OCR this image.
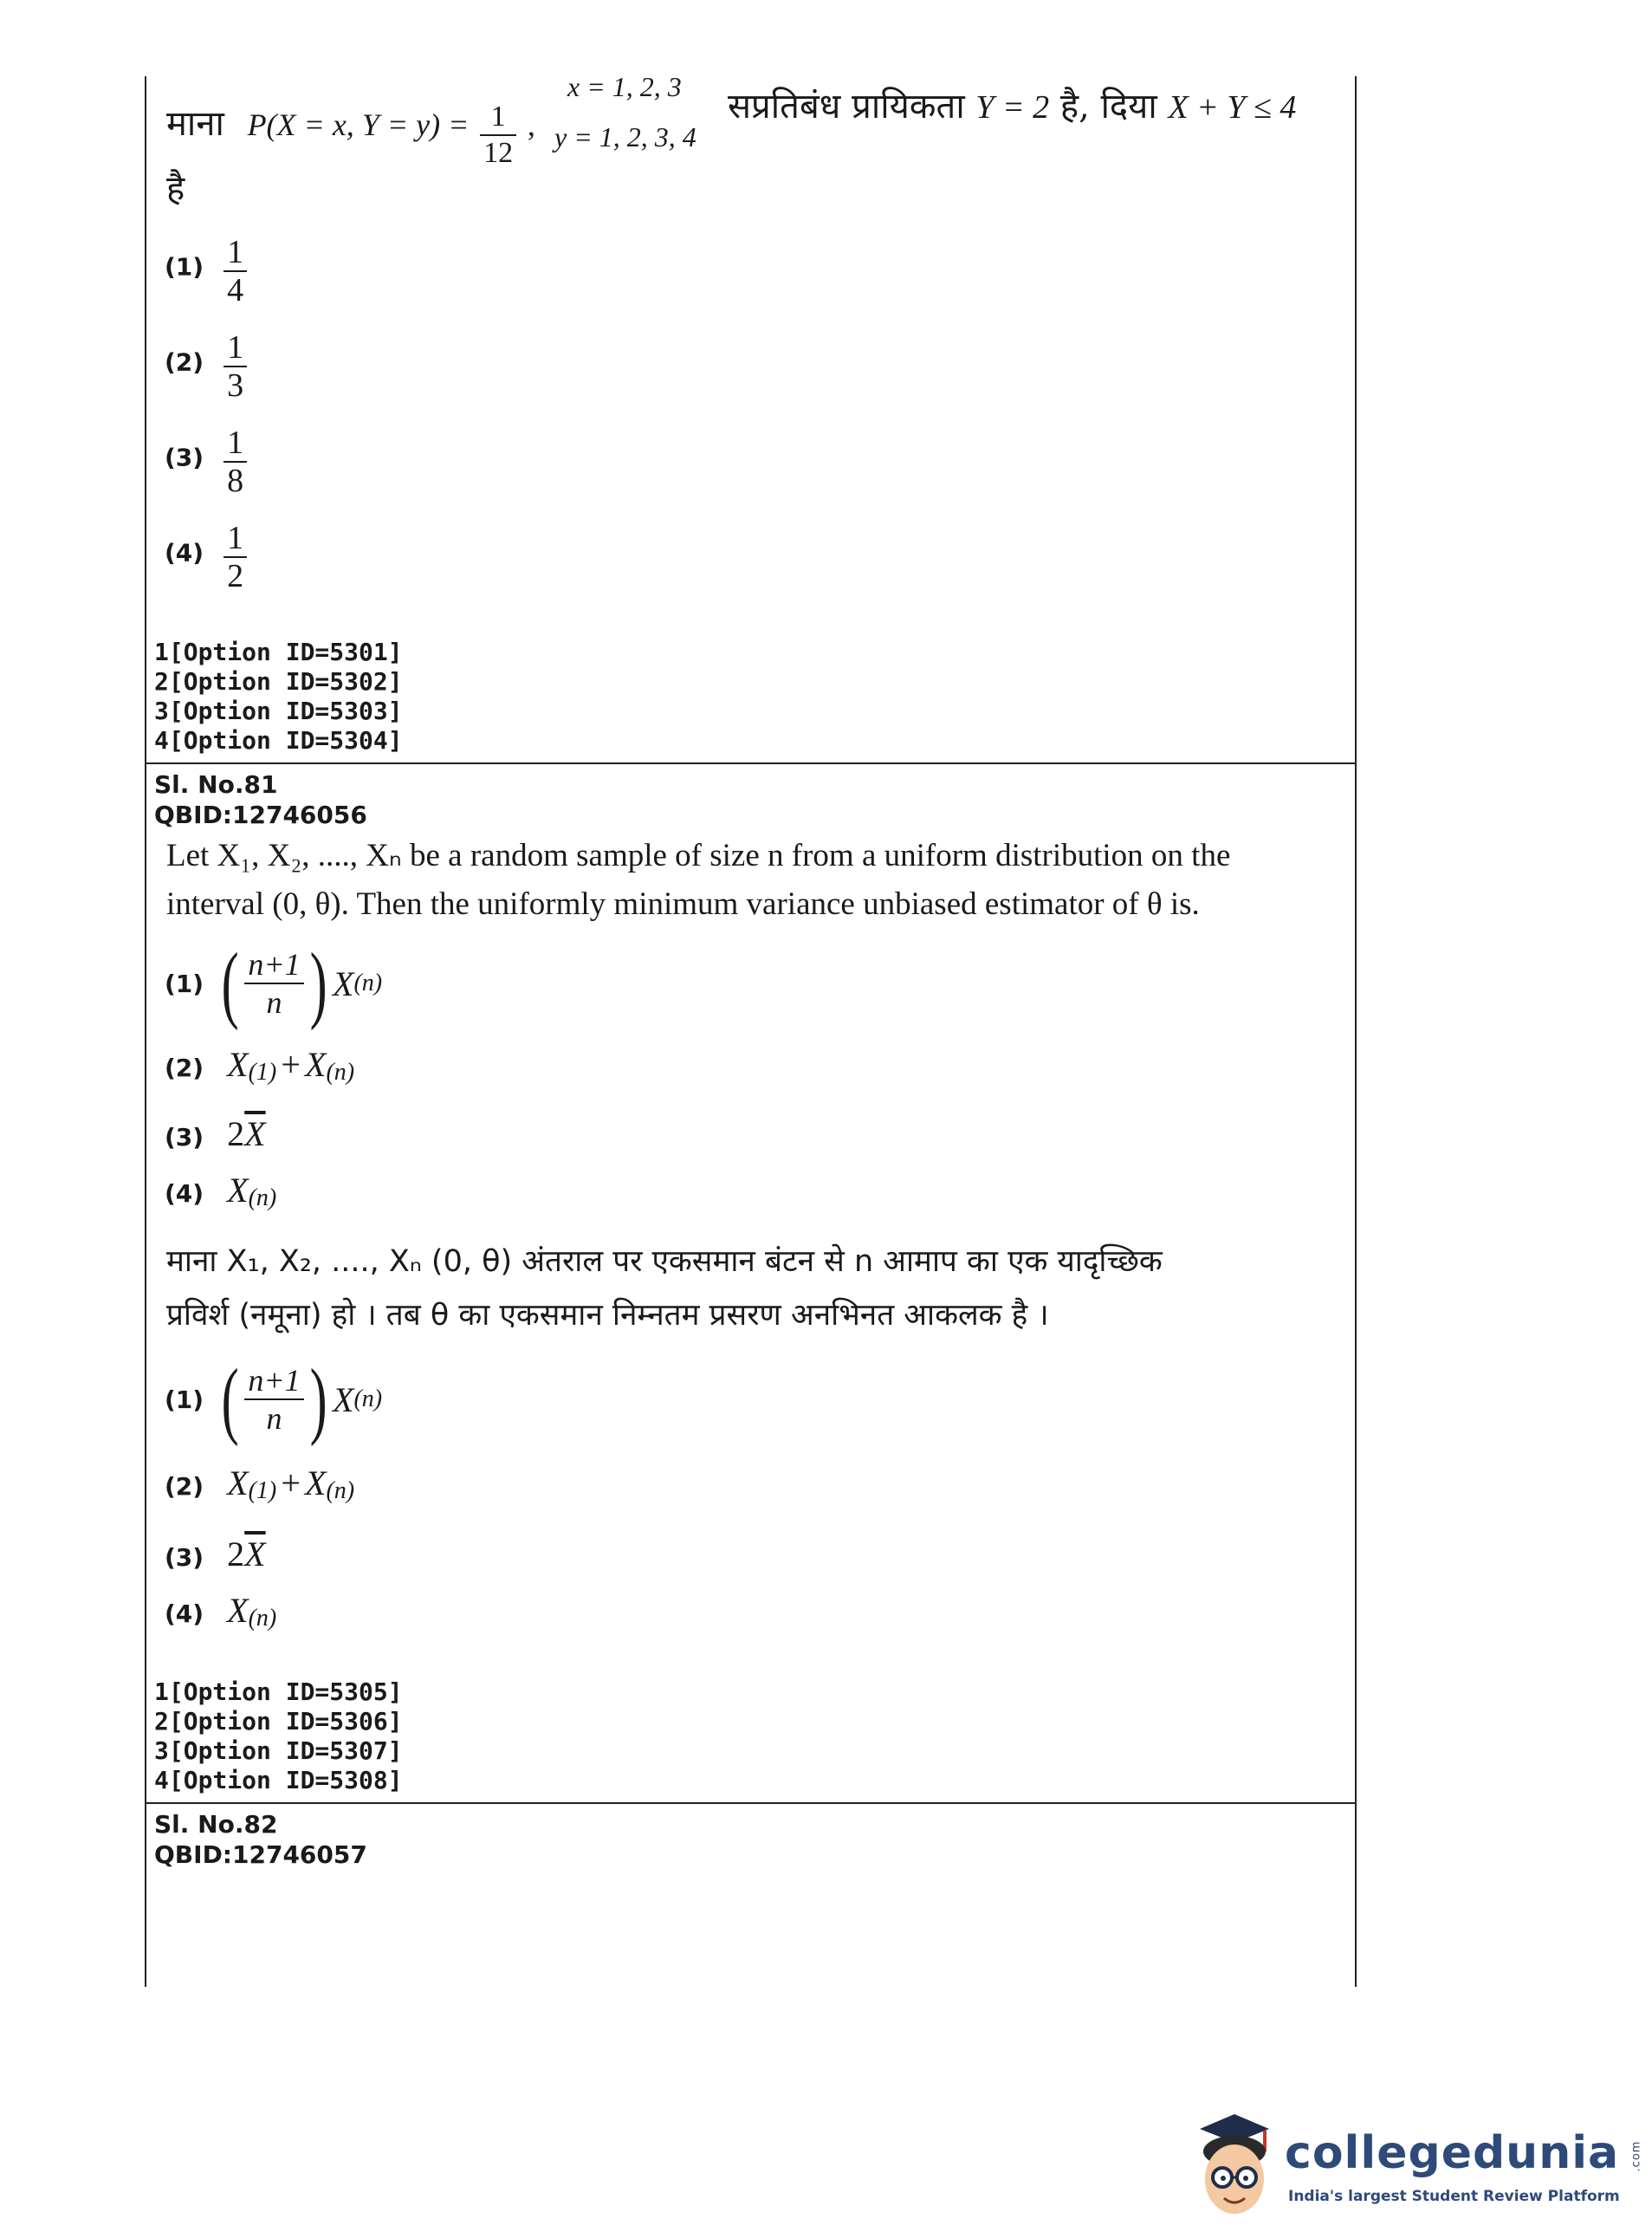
माना P(X = x, $Y = y) = \frac{1}{12}$ ,
x = 1, 2, 3
y = 1, 2, 3, 4
सप्रतिबंध प्रायिकता Y = 2 है, दिया X + Y ≤ 4
है
$(1) \frac{1}{4}$
$(2) \frac{1}{3}$
$(3) \frac{1}{8}$
$(4) \frac{1}{2}$
1[Option ID=5301]
2[Option ID=5302]
3[Option ID=5303]
4[Option ID=5304]
Sl. No.81
QBID:12746056
Let X₁, X₂, ...., Xₙ be a random sample of size n from a uniform distribution on the
interval (0, θ). Then the uniformly minimum variance unbiased estimator of θ is.
(1) ( $\frac{n+1}{n}$ ) X (n)
(2) $X_{(1)} + X_{(n)}$
(3) $2\overline{X}$
(4) $X_{(n)}$
माना X₁, X₂, ...., Xₙ (0, θ) अंतराल पर एकसमान बंटन से n आमाप का एक यादृच्छिक
प्रविर्श (नमूना) हो । तब θ का एकसमान निम्नतम प्रसरण अनभिनत आकलक है ।
(1) ( $\frac{n+1}{n}$ ) X (n)
(2) $X_{(1)} + X_{(n)}$
(3) $2\overline{X}$
(4) $X_{(n)}$
1[Option ID=5305]
2[Option ID=5306]
3[Option ID=5307]
4[Option ID=5308]
Sl. No.82
QBID:12746057
collegedunia .com
India's largest Student Review Platform
